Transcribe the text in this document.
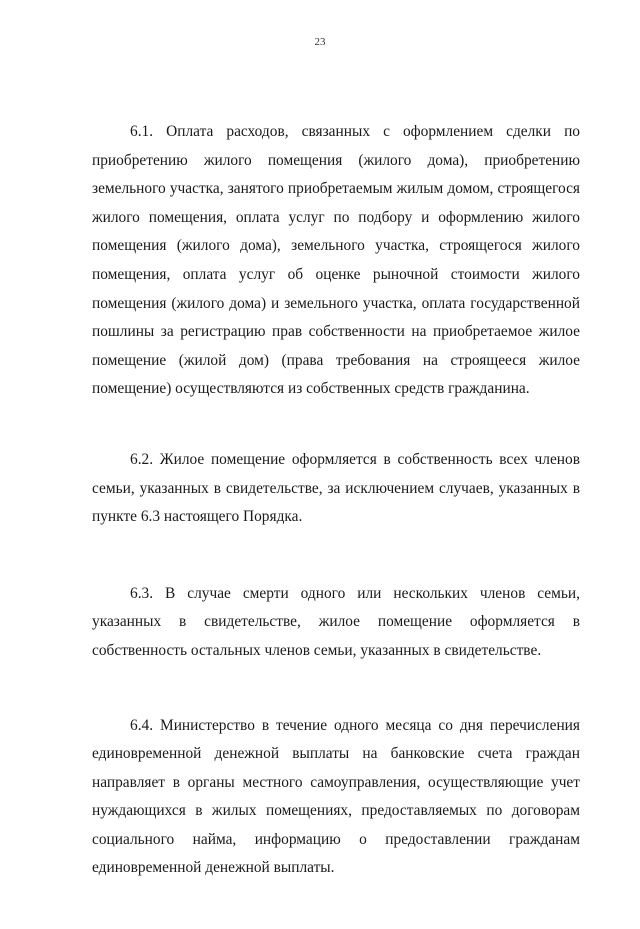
23

6.1. Оплата расходов, связанных с оформлением сделки по приобретению жилого помещения (жилого дома), приобретению земельного участка, занятого приобретаемым жилым домом, строящегося жилого помещения, оплата услуг по подбору и оформлению жилого помещения (жилого дома), земельного участка, строящегося жилого помещения, оплата услуг об оценке рыночной стоимости жилого помещения (жилого дома) и земельного участка, оплата государственной пошлины за регистрацию прав собственности на приобретаемое жилое помещение (жилой дом) (права требования на строящееся жилое помещение) осуществляются из собственных средств гражданина.

6.2. Жилое помещение оформляется в собственность всех членов семьи, указанных в свидетельстве, за исключением случаев, указанных в пункте 6.3 настоящего Порядка.

6.3. В случае смерти одного или нескольких членов семьи, указанных в свидетельстве, жилое помещение оформляется в собственность остальных членов семьи, указанных в свидетельстве.

6.4. Министерство в течение одного месяца со дня перечисления единовременной денежной выплаты на банковские счета граждан направляет в органы местного самоуправления, осуществляющие учет нуждающихся в жилых помещениях, предоставляемых по договорам социального найма, информацию о предоставлении гражданам единовременной денежной выплаты.
